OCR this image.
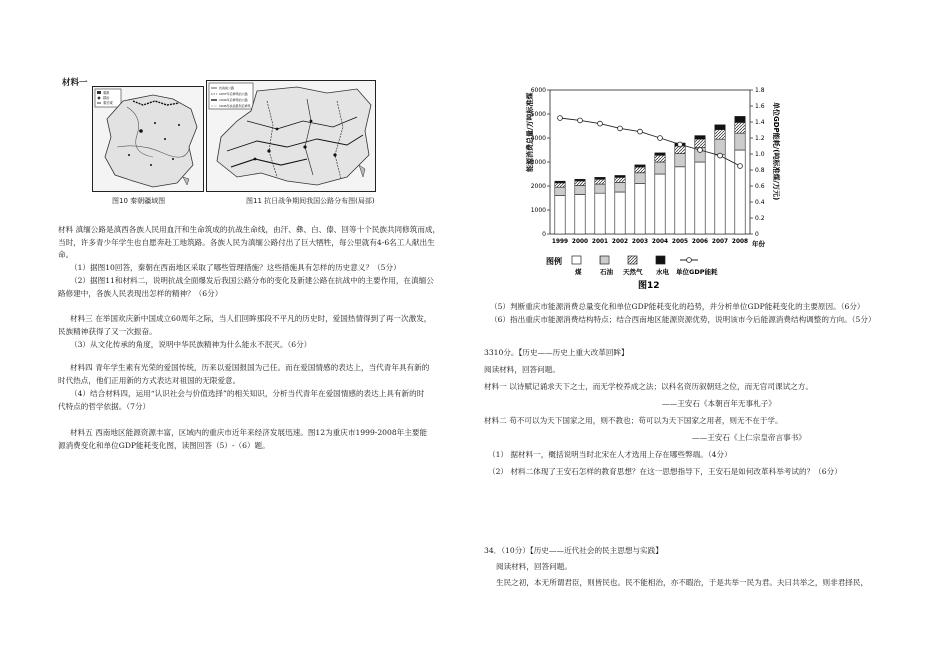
材料一
秦都
郡治
秦长城
图10 秦朝疆域图
抗战前公路
1937年后修筑的公路
1944年后修筑的公路
1945年抗战胜利后修筑
图11 抗日战争期间我国公路分布图(局部)
材料 滇缅公路是滇西各族人民用血汗和生命筑成的抗战生命线，由汗、彝、白、傣、回等十个民族共同修筑而成，
当时，许多青少年学生也自愿奔赴工地筑路。各族人民为滇缅公路付出了巨大牺牲，每公里就有4-6名工人献出生
命。
（1）据图10回答，秦朝在西南地区采取了哪些管理措施？这些措施具有怎样的历史意义？（5分）
（2）据图11和材料二，说明抗战全面爆发后我国公路分布的变化及新建公路在抗战中的主要作用，在滇缅公
路修建中，各族人民表现出怎样的精神？（6分）
材料三 在举国欢庆新中国成立60周年之际，当人们回眸那段不平凡的历史时，爱国热情得到了再一次激发，
民族精神获得了又一次振奋。
（3）从文化传承的角度，说明中华民族精神为什么能永不泯灭。（6分）
材料四 青年学生素有光荣的爱国传统，历来以爱国报国为己任。而在爱国情感的表达上，当代青年具有新的
时代热点，他们正用新的方式表达对祖国的无限爱意。
（4）结合材料四，运用“认识社会与价值选择”的相关知识，分析当代青年在爱国情感的表达上具有新的时
代特点的哲学依据。（7分）
材料五 西南地区能源资源丰富，区域内的重庆市近年来经济发展迅速。图12为重庆市1999-2008年主要能
源消费变化和单位GDP能耗变化图，读图回答（5）-（6）题。
能源消费总量/万吨标准煤	单位GDP能耗/(吨标准煤/万元)
0
1000
2000
3000
4000
5000
6000
0
0.2
0.4
0.6
0.8
1.0
1.2
1.4
1.6
1.8
1999 2000 2001 2002 2003 2004 2005 2006 2007 2008 年份
图例
煤	石油 天然气 水电 单位GDP能耗
图12
（5）判断重庆市能源消费总量变化和单位GDP能耗变化的趋势，并分析单位GDP能耗变化的主要原因。（6分）
（6）指出重庆市能源消费结构特点；结合西南地区能源资源优势，说明该市今后能源消费结构调整的方向。（5分）
3310分。【历史——历史上重大改革回眸】
阅读材料，回答问题。
材料一 以诗赋记诵求天下之士，而无学校养成之法；以科名资历叙朝廷之位，而无官司课试之方。
——王安石《本朝百年无事札子》
材料二 苟不可以为天下国家之用，则不教也；苟可以为天下国家之用者，则无不在于学。
——王安石《上仁宗皇帝言事书》
（1） 据材料一，概括说明当时北宋在人才选用上存在哪些弊端。（4分）
（2） 材料二体现了王安石怎样的教育思想？在这一思想指导下，王安石是如何改革科举考试的？（6分）
34．（10分）【历史——近代社会的民主思想与实践】
阅读材料，回答问题。
生民之初，本无所谓君臣，则皆民也。民不能相治，亦不暇治，于是共举一民为君。夫曰共举之，则非君择民，
